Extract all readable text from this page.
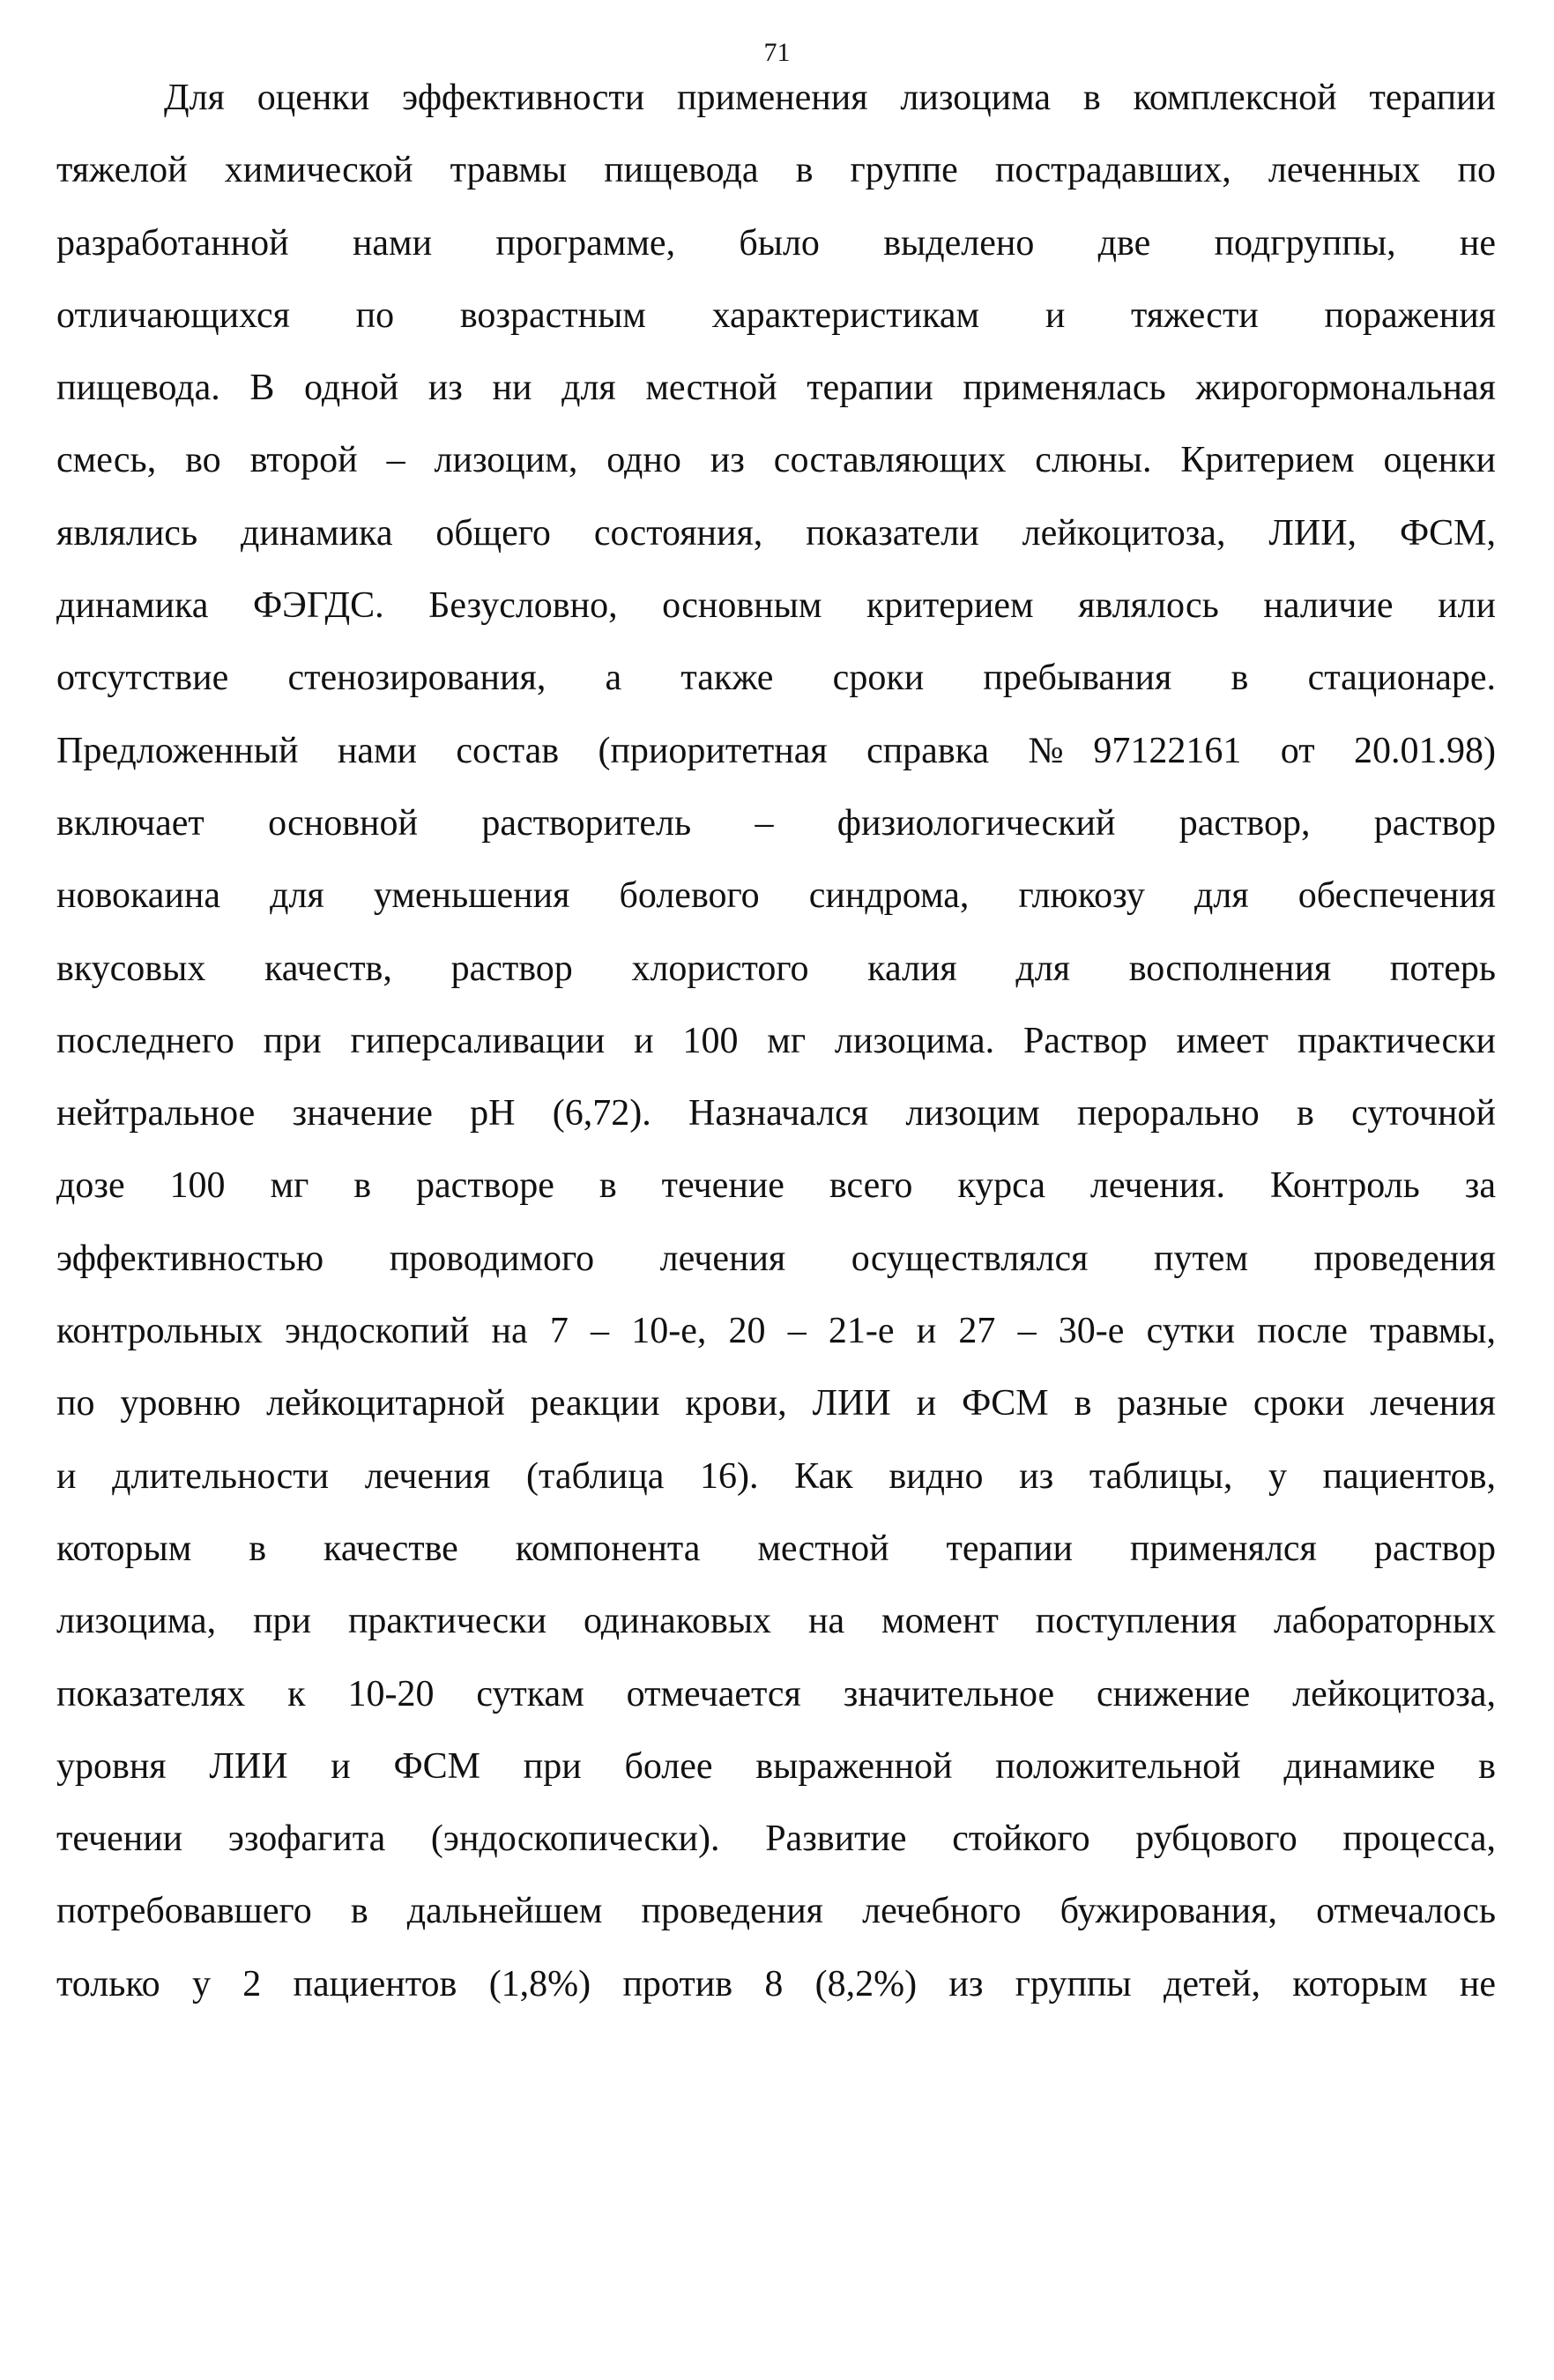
71
Для оценки эффективности применения лизоцима в комплексной терапии
тяжелой химической травмы пищевода в группе пострадавших, леченных по
разработанной нами программе, было выделено две подгруппы, не
отличающихся по возрастным характеристикам и тяжести поражения
пищевода. В одной из ни для местной терапии применялась жирогормональная
смесь, во второй – лизоцим, одно из составляющих слюны. Критерием оценки
являлись динамика общего состояния, показатели лейкоцитоза, ЛИИ, ФСМ,
динамика ФЭГДС. Безусловно, основным критерием являлось наличие или
отсутствие стенозирования, а также сроки пребывания в стационаре.
Предложенный нами состав (приоритетная справка №97122161 от 20.01.98)
включает основной растворитель – физиологический раствор, раствор
новокаина для уменьшения болевого синдрома, глюкозу для обеспечения
вкусовых качеств, раствор хлористого калия для восполнения потерь
последнего при гиперсаливации и 100 мг лизоцима. Раствор имеет практически
нейтральное значение рН (6,72). Назначался лизоцим перорально в суточной
дозе 100 мг в растворе в течение всего курса лечения. Контроль за
эффективностью проводимого лечения осуществлялся путем проведения
контрольных эндоскопий на 7 – 10-е, 20 – 21-е и 27 – 30-е сутки после травмы,
по уровню лейкоцитарной реакции крови, ЛИИ и ФСМ в разные сроки лечения
и длительности лечения (таблица 16). Как видно из таблицы, у пациентов,
которым в качестве компонента местной терапии применялся раствор
лизоцима, при практически одинаковых на момент поступления лабораторных
показателях к 10-20 суткам отмечается значительное снижение лейкоцитоза,
уровня ЛИИ и ФСМ при более выраженной положительной динамике в
течении эзофагита (эндоскопически). Развитие стойкого рубцового процесса,
потребовавшего в дальнейшем проведения лечебного бужирования, отмечалось
только у 2 пациентов (1,8%) против 8 (8,2%) из группы детей, которым не
